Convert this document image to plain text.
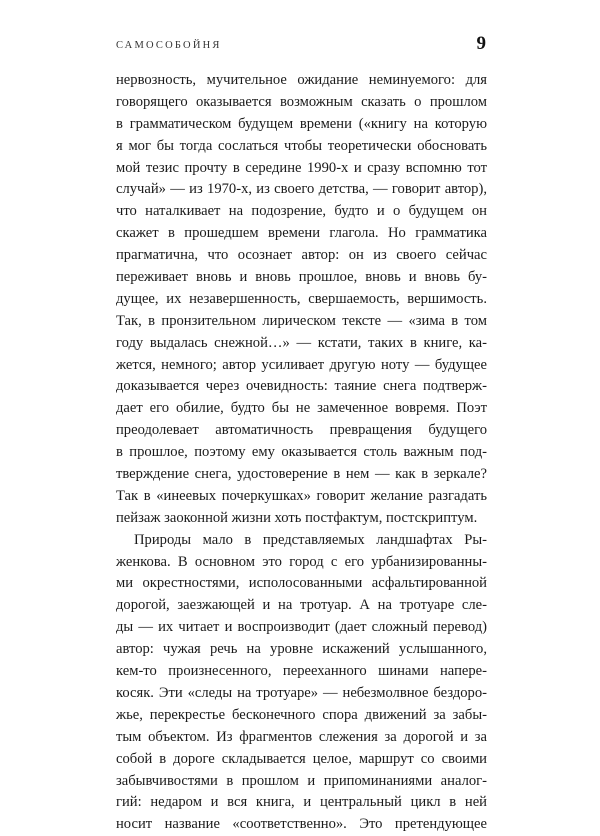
САМОСОБОЙНЯ	9
нервозность, мучительное ожидание неминуемого: для
говорящего оказывается возможным сказать о прошлом
в грамматическом будущем времени («книгу на которую
я мог бы тогда сослаться чтобы теоретически обосновать
мой тезис прочту в середине 1990-х и сразу вспомню тот
случай» — из 1970-х, из своего детства, — говорит автор),
что наталкивает на подозрение, будто и о будущем он
скажет в прошедшем времени глагола. Но грамматика
прагматична, что осознает автор: он из своего сейчас
переживает вновь и вновь прошлое, вновь и вновь бу-
дущее, их незавершенность, свершаемость, вершимость.
Так, в пронзительном лирическом тексте — «зима в том
году выдалась снежной…» — кстати, таких в книге, ка-
жется, немного; автор усиливает другую ноту — будущее
доказывается через очевидность: таяние снега подтверж-
дает его обилие, будто бы не замеченное вовремя. Поэт
преодолевает автоматичность превращения будущего
в прошлое, поэтому ему оказывается столь важным под-
тверждение снега, удостоверение в нем — как в зеркале?
Так в «инеевых почеркушках» говорит желание разгадать
пейзаж заоконной жизни хоть постфактум, постскриптум.
Природы мало в представляемых ландшафтах Ры-
женкова. В основном это город с его урбанизированны-
ми окрестностями, исполосованными асфальтированной
дорогой, заезжающей и на тротуар. А на тротуаре сле-
ды — их читает и воспроизводит (дает сложный перевод)
автор: чужая речь на уровне искажений услышанного,
кем-то произнесенного, перееханного шинами напере-
косяк. Эти «следы на тротуаре» — небезмолвное бездоро-
жье, перекрестье бесконечного спора движений за забы-
тым объектом. Из фрагментов слежения за дорогой и за
собой в дороге складывается целое, маршрут со своими
забывчивостями в прошлом и припоминаниями аналог-
гий: недаром и вся книга, и центральный цикл в ней
носит название «соответственно». Это претендующее
